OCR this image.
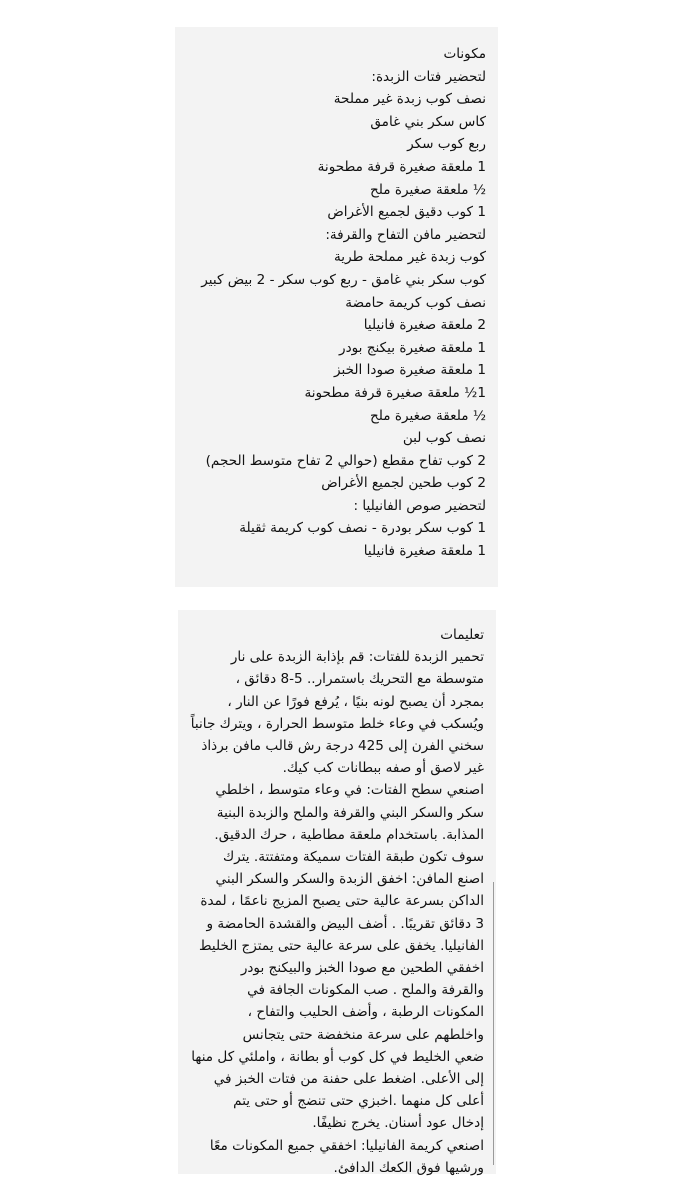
مكونات
لتحضير فتات الزبدة:
نصف كوب زبدة غير مملحة
كاس سكر بني غامق
ربع كوب سكر
1 ملعقة صغيرة قرفة مطحونة
½ ملعقة صغيرة ملح
1 كوب دقيق لجميع الأغراض
لتحضير مافن التفاح والقرفة:
كوب زبدة غير مملحة طرية
كوب سكر بني غامق - ربع كوب سكر - 2 بيض كبير
نصف كوب كريمة حامضة
2 ملعقة صغيرة فانيليا
1 ملعقة صغيرة بيكنج بودر
1 ملعقة صغيرة صودا الخبز
1½ ملعقة صغيرة قرفة مطحونة
½ ملعقة صغيرة ملح
نصف كوب لبن
2 كوب تفاح مقطع (حوالي 2 تفاح متوسط الحجم)
2 كوب طحين لجميع الأغراض
لتحضير صوص الفانيليا :
1 كوب سكر بودرة - نصف كوب كريمة ثقيلة
1 ملعقة صغيرة فانيليا
تعليمات
تحمير الزبدة للفتات: قم بإذابة الزبدة على نار
متوسطة مع التحريك باستمرار.. 5-8 دقائق ،
بمجرد أن يصبح لونه بنيًا ، يُرفع فورًا عن النار ،
ويُسكب في وعاء خلط متوسط الحرارة ، ويترك جانباً
سخني الفرن إلى 425 درجة رش قالب مافن برذاذ
غير لاصق أو صفه ببطانات كب كيك.
اصنعي سطح الفتات: في وعاء متوسط ، اخلطي
سكر والسكر البني والقرفة والملح والزبدة البنية
المذابة. باستخدام ملعقة مطاطية ، حرك الدقيق.
سوف تكون طبقة الفتات سميكة ومتفتتة. يترك
اصنع المافن: اخفق الزبدة والسكر والسكر البني
الداكن بسرعة عالية حتى يصبح المزيج ناعمًا ، لمدة
3 دقائق تقريبًا. . أضف البيض والقشدة الحامضة و
الفانيليا. يخفق على سرعة عالية حتى يمتزج الخليط
اخفقي الطحين مع صودا الخبز والبيكنج بودر
والقرفة والملح . صب المكونات الجافة في
المكونات الرطبة ، وأضف الحليب والتفاح ،
واخلطهم على سرعة منخفضة حتى يتجانس
ضعي الخليط في كل كوب أو بطانة ، واملئي كل منها
إلى الأعلى. اضغط على حفنة من فتات الخبز في
أعلى كل منهما .اخبزي حتى تنضج أو حتى يتم
إدخال عود أسنان. يخرج نظيفًا.
اصنعي كريمة الفانيليا: اخفقي جميع المكونات معًا
ورشيها فوق الكعك الدافئ.
